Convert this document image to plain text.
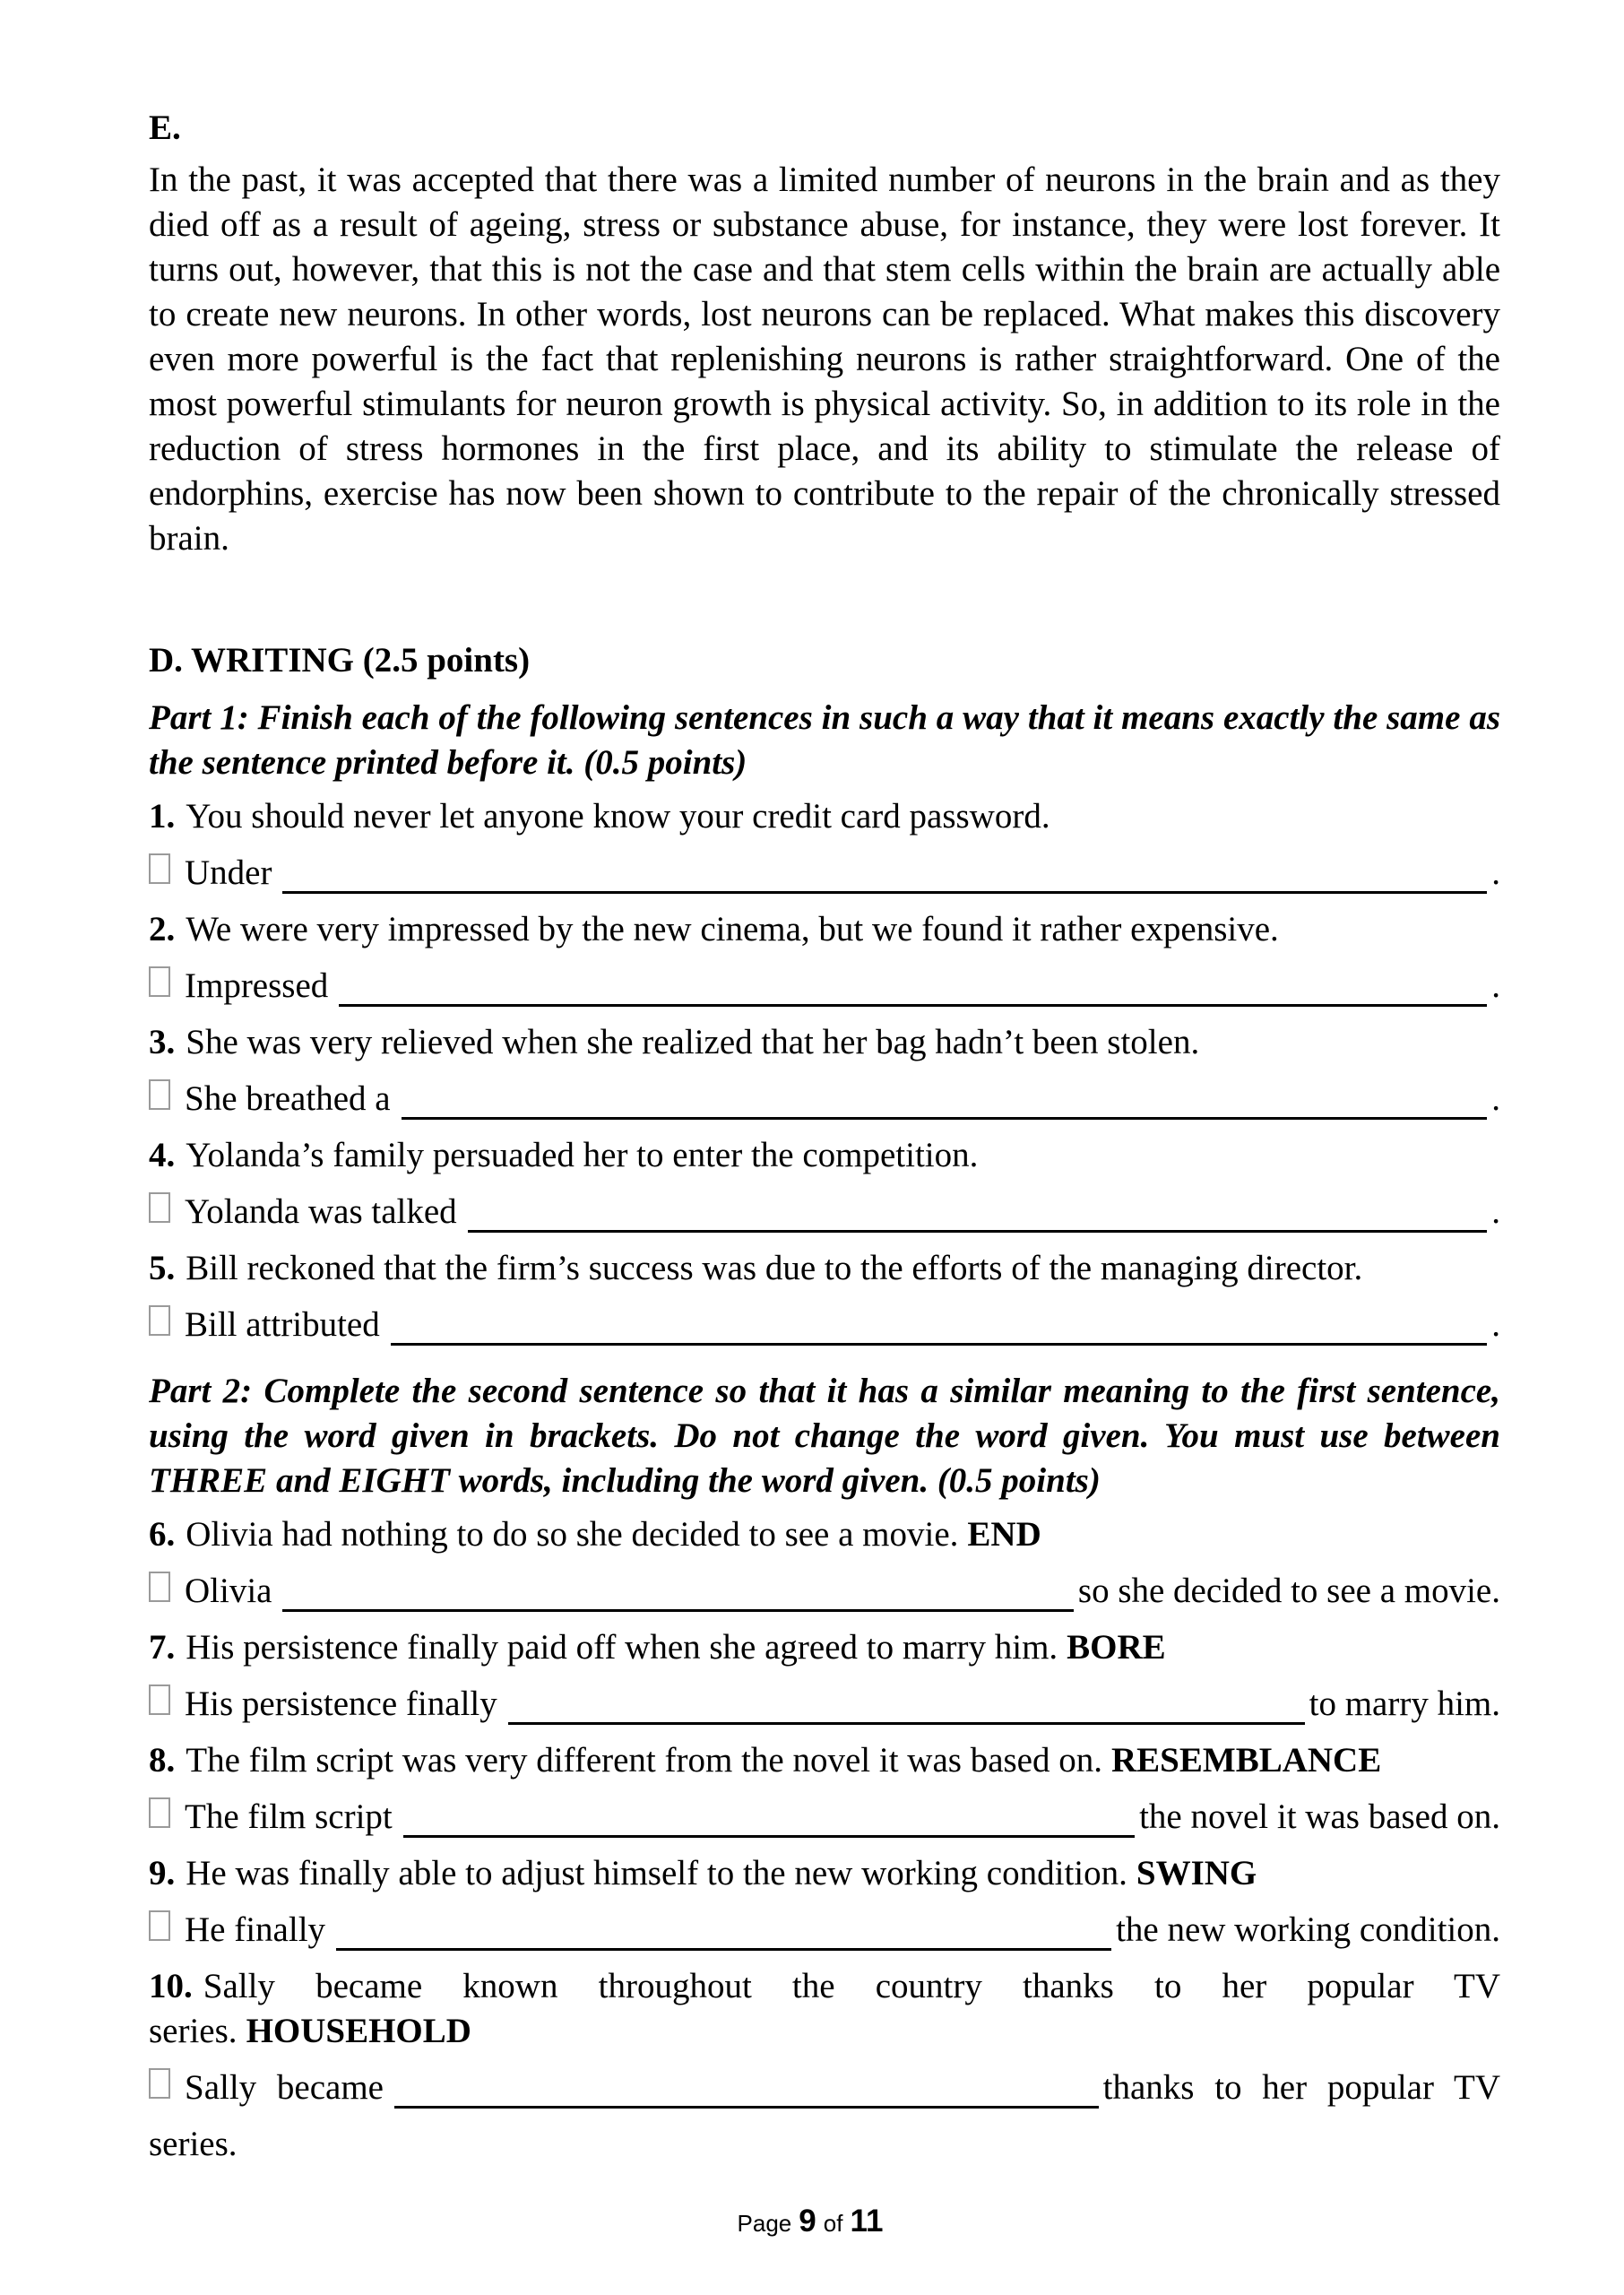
E.
In the past, it was accepted that there was a limited number of neurons in the brain and as they died off as a result of ageing, stress or substance abuse, for instance, they were lost forever. It turns out, however, that this is not the case and that stem cells within the brain are actually able to create new neurons. In other words, lost neurons can be replaced. What makes this discovery even more powerful is the fact that replenishing neurons is rather straightforward. One of the most powerful stimulants for neuron growth is physical activity. So, in addition to its role in the reduction of stress hormones in the first place, and its ability to stimulate the release of endorphins, exercise has now been shown to contribute to the repair of the chronically stressed brain.
D. WRITING (2.5 points)
Part 1: Finish each of the following sentences in such a way that it means exactly the same as the sentence printed before it. (0.5 points)
1. You should never let anyone know your credit card password.
Under	.
2. We were very impressed by the new cinema, but we found it rather expensive.
Impressed	.
3. She was very relieved when she realized that her bag hadn’t been stolen.
She breathed a	.
4. Yolanda’s family persuaded her to enter the competition.
Yolanda was talked	.
5. Bill reckoned that the firm’s success was due to the efforts of the managing director.
Bill attributed	.
Part 2: Complete the second sentence so that it has a similar meaning to the first sentence, using the word given in brackets. Do not change the word given. You must use between THREE and EIGHT words, including the word given. (0.5 points)
6. Olivia had nothing to do so she decided to see a movie. END
Olivia	so she decided to see a movie.
7. His persistence finally paid off when she agreed to marry him. BORE
His persistence finally	to marry him.
8. The film script was very different from the novel it was based on. RESEMBLANCE
The film script	the novel it was based on.
9. He was finally able to adjust himself to the new working condition. SWING
He finally	the new working condition.
10. Sally became known throughout the country thanks to her popular TV series. HOUSEHOLD
Sally became	thanks to her popular TV
series.
Page 9 of 11
